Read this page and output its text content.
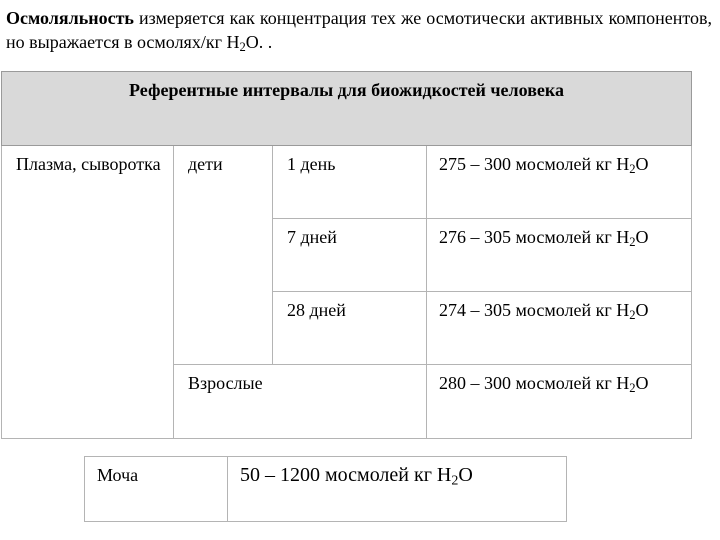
Осмоляльность измеряется как концентрация тех же осмотически активных компонентов, но выражается в осмолях/кг $H_2O$. .
Референтные интервалы для биожидкостей человека			
Плазма, сыворотка	дети	1 день	275 – 300 мосмолей кг $H_2O$
		7 дней	276 – 305 мосмолей кг $H_2O$
		28 дней	274 – 305 мосмолей кг $H_2O$

	Взрослые		280 – 300 мосмолей кг $H_2O$
Моча	50 – 1200 мосмолей кг $H_2O$
